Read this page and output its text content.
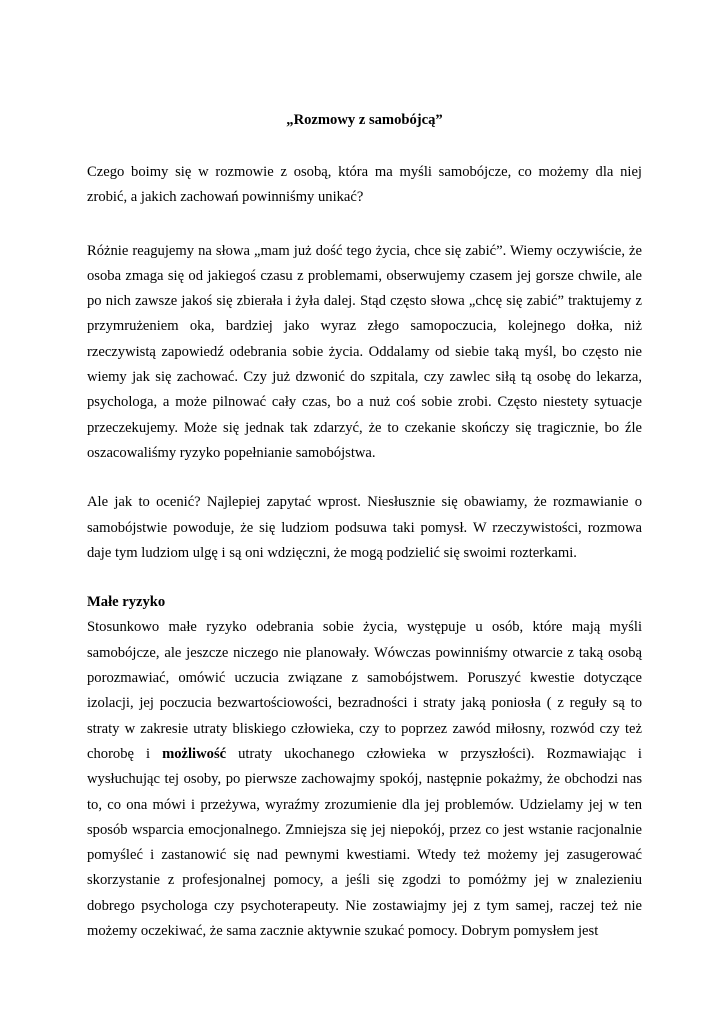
„Rozmowy z samobójcą”

Czego boimy się w rozmowie z osobą, która ma myśli samobójcze, co możemy dla niej zrobić, a jakich zachowań powinniśmy unikać?

Różnie reagujemy na słowa „mam już dość tego życia, chce się zabić”. Wiemy oczywiście, że osoba zmaga się od jakiegoś czasu z problemami, obserwujemy czasem jej gorsze chwile, ale po nich zawsze jakoś się zbierała i żyła dalej. Stąd często słowa „chcę się zabić” traktujemy z przymrużeniem oka, bardziej jako wyraz złego samopoczucia, kolejnego dołka, niż rzeczywistą zapowiedź odebrania sobie życia. Oddalamy od siebie taką myśl, bo często nie wiemy jak się zachować. Czy już dzwonić do szpitala, czy zawlec siłą tą osobę do lekarza, psychologa, a może pilnować cały czas, bo a nuż coś sobie zrobi. Często niestety sytuacje przeczekujemy. Może się jednak tak zdarzyć, że to czekanie skończy się tragicznie, bo źle oszacowaliśmy ryzyko popełnianie samobójstwa.

Ale jak to ocenić? Najlepiej zapytać wprost. Niesłusznie się obawiamy, że rozmawianie o samobójstwie powoduje, że się ludziom podsuwa taki pomysł. W rzeczywistości, rozmowa daje tym ludziom ulgę i są oni wdzięczni, że mogą podzielić się swoimi rozterkami.

Małe ryzyko

Stosunkowo małe ryzyko odebrania sobie życia, występuje u osób, które mają myśli samobójcze, ale jeszcze niczego nie planowały. Wówczas powinniśmy otwarcie z taką osobą porozmawiać, omówić uczucia związane z samobójstwem. Poruszyć kwestie dotyczące izolacji, jej poczucia bezwartościowości, bezradności i straty jaką poniosła ( z reguły są to straty w zakresie utraty bliskiego człowieka, czy to poprzez zawód miłosny, rozwód czy też chorobę i możliwość utraty ukochanego człowieka w przyszłości). Rozmawiając i wysłuchując tej osoby, po pierwsze zachowajmy spokój, następnie pokażmy, że obchodzi nas to, co ona mówi i przeżywa, wyraźmy zrozumienie dla jej problemów. Udzielamy jej w ten sposób wsparcia emocjonalnego. Zmniejsza się jej niepokój, przez co jest wstanie racjonalnie pomyśleć i zastanowić się nad pewnymi kwestiami. Wtedy też możemy jej zasugerować skorzystanie z profesjonalnej pomocy, a jeśli się zgodzi to pomóżmy jej w znalezieniu dobrego psychologa czy psychoterapeuty. Nie zostawiajmy jej z tym samej, raczej też nie możemy oczekiwać, że sama zacznie aktywnie szukać pomocy. Dobrym pomysłem jest
